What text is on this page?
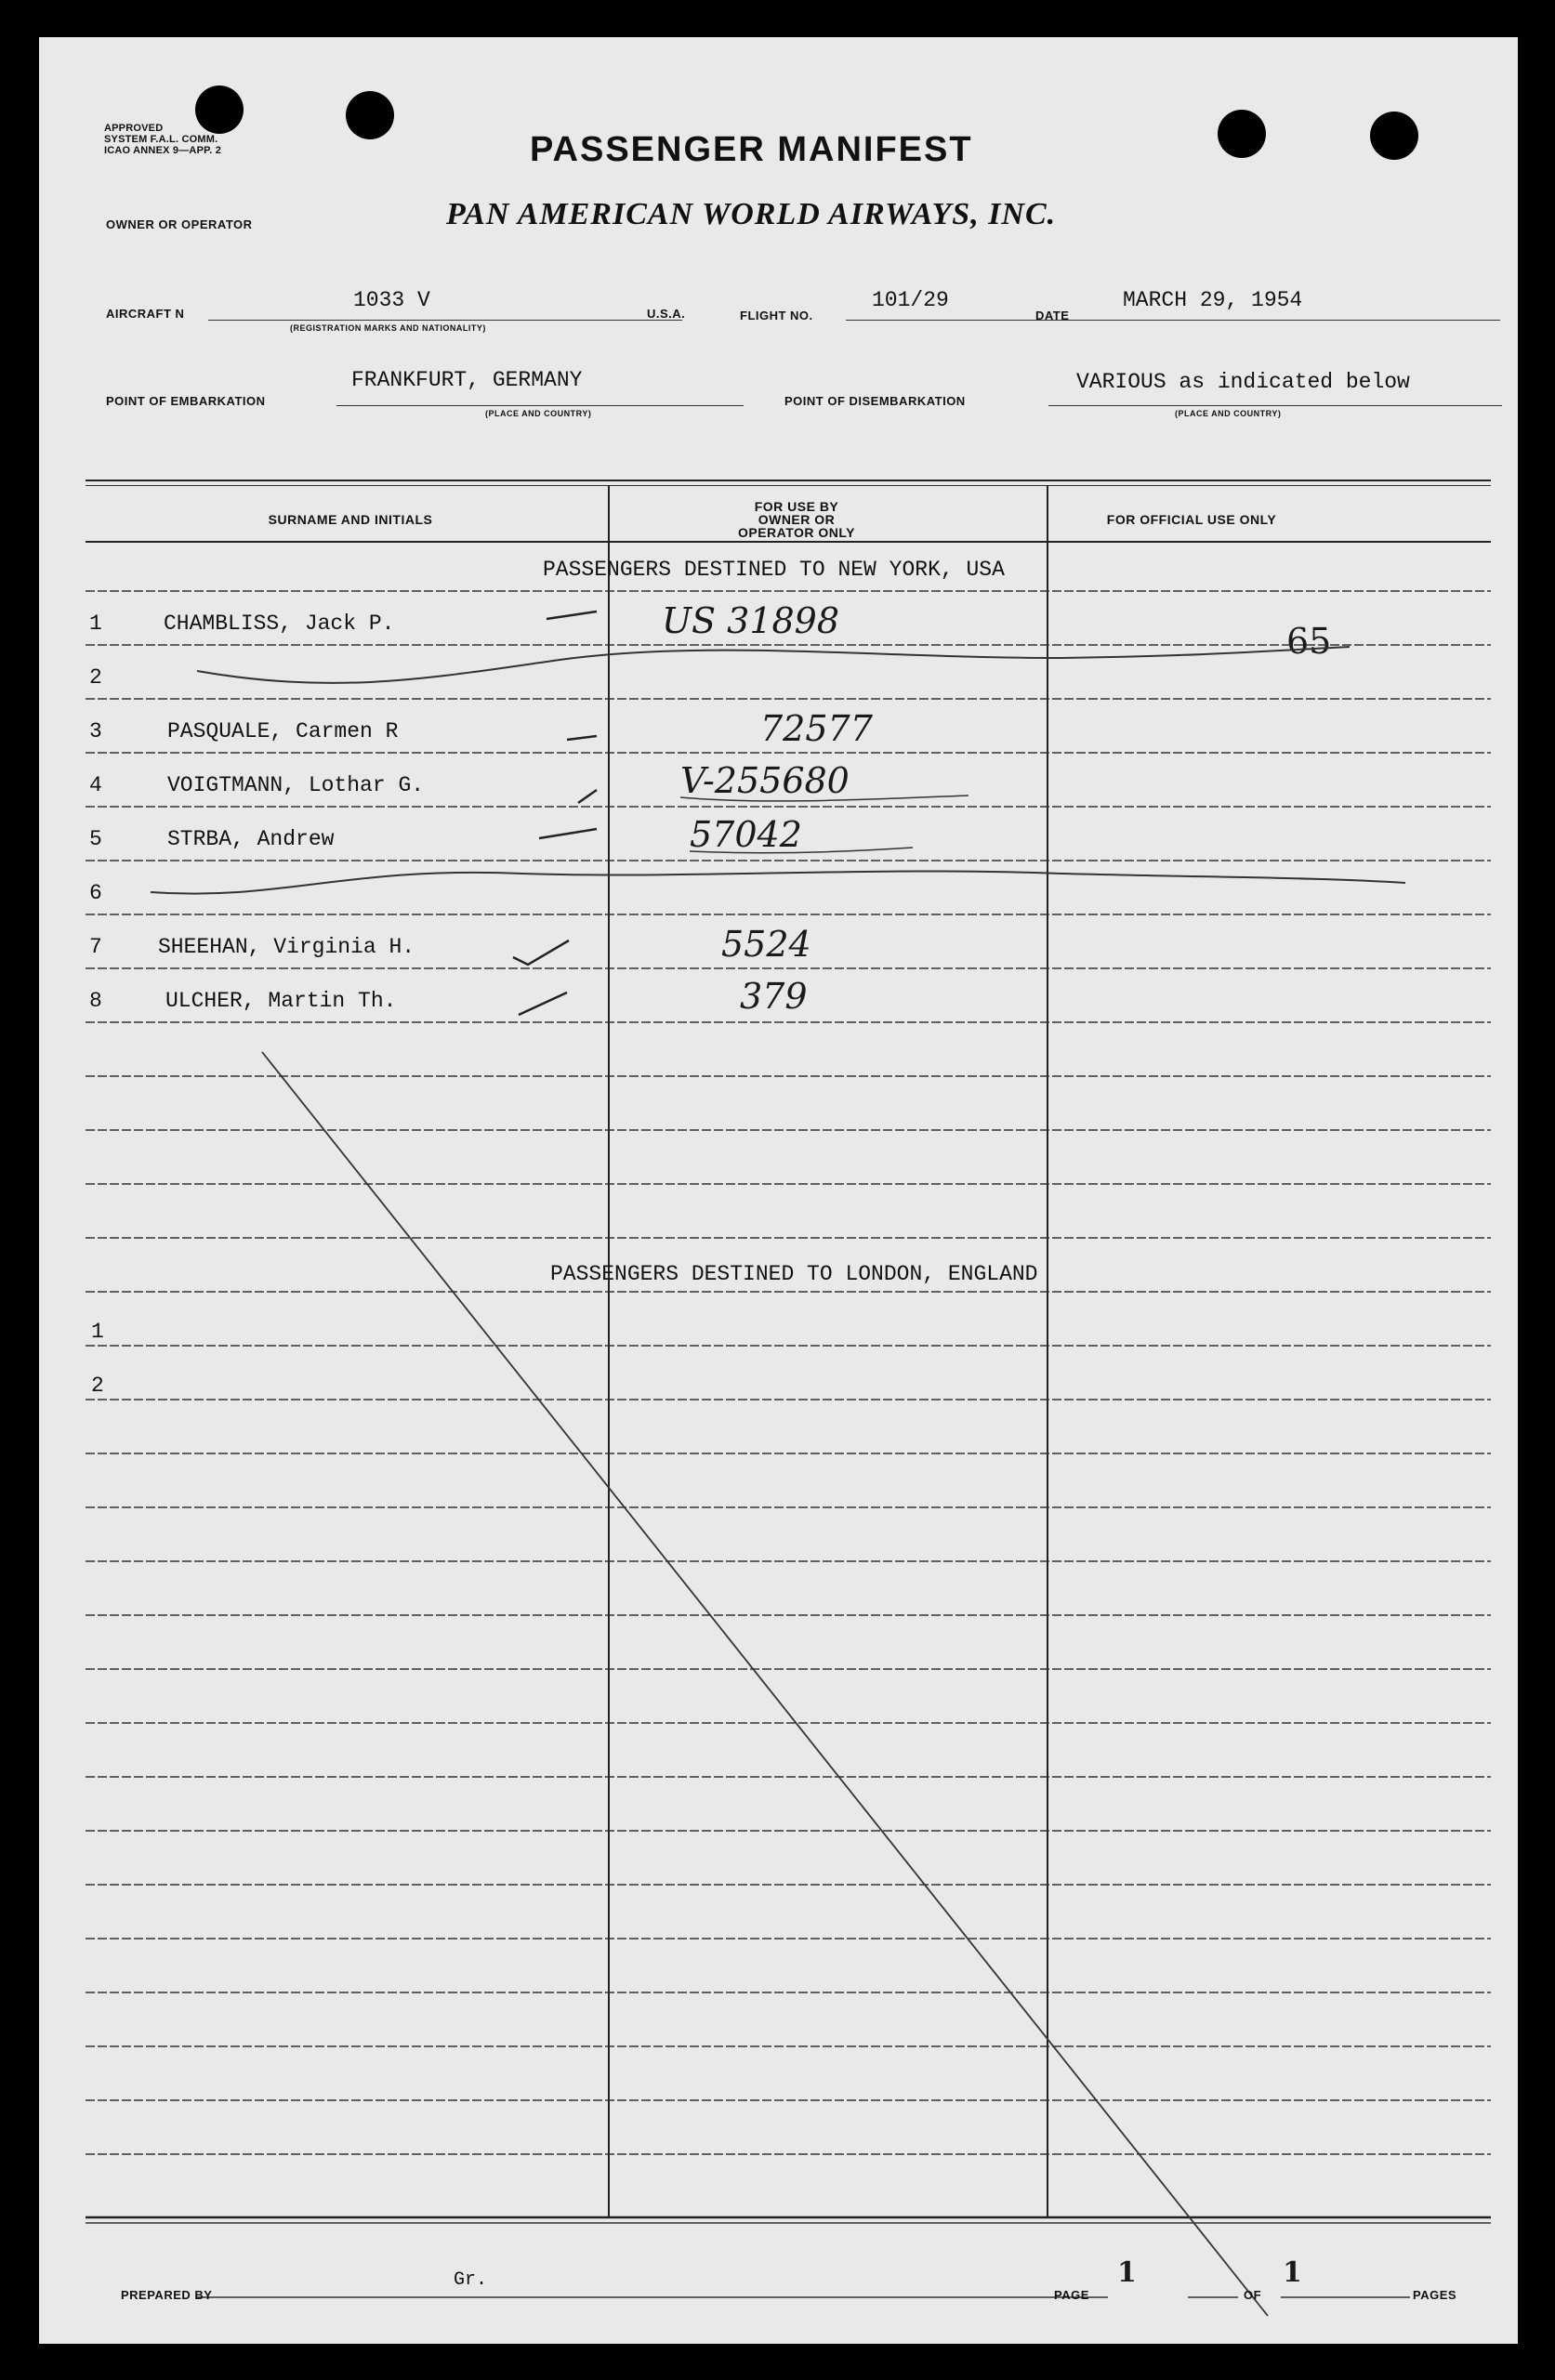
APPROVED
SYSTEM F.A.L. COMM.
ICAO ANNEX 9—APP. 2
OWNER OR OPERATOR
PASSENGER MANIFEST
PAN AMERICAN WORLD AIRWAYS, INC.
AIRCRAFT N
1033 V
(REGISTRATION MARKS AND NATIONALITY)
U.S.A.	FLIGHT NO.
101/29
DATE
MARCH 29, 1954
POINT OF EMBARKATION
FRANKFURT, GERMANY
(PLACE AND COUNTRY)
POINT OF DISEMBARKATION
VARIOUS as indicated below
(PLACE AND COUNTRY)
SURNAME AND INITIALS
FOR USE BY OWNER OR OPERATOR ONLY
FOR OFFICIAL USE ONLY
PASSENGERS DESTINED TO NEW YORK, USA
1	CHAMBLISS, Jack P.	US 31898	65
2
3	PASQUALE, Carmen R	72577
4	VOIGTMANN, Lothar G.	V-255680
5	STRBA, Andrew	57042
6
7	SHEEHAN, Virginia H.	5524
8	ULCHER, Martin Th.	379
PASSENGERS DESTINED TO LONDON, ENGLAND
1
2
PREPARED BY
Gr.
PAGE
1
OF
1
PAGES
